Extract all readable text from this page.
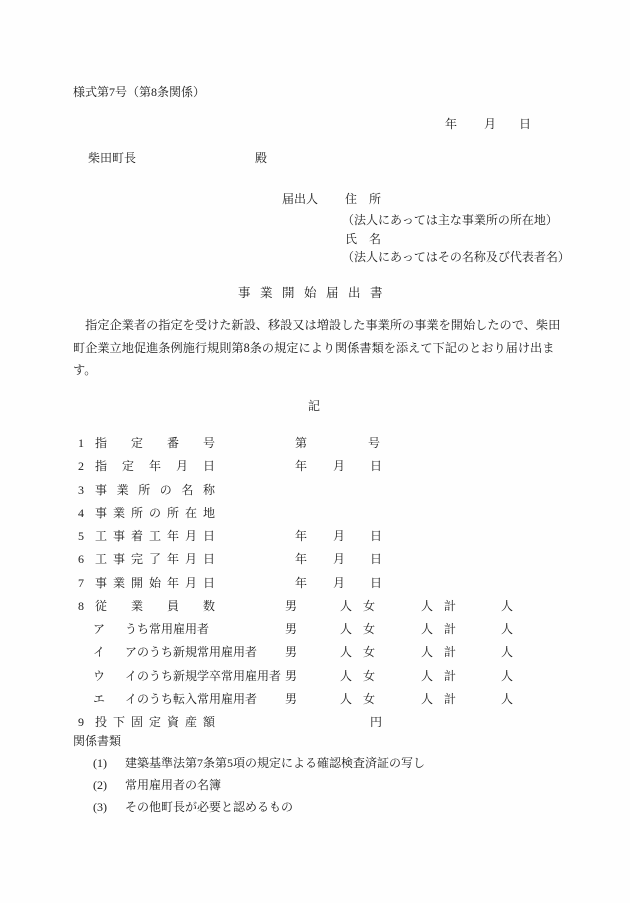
様式第7号（第8条関係）
年 月 日
柴田町長	殿
届出人 住　所
（法人にあっては主な事業所の所在地）
氏　名
（法人にあってはその名称及び代表者名）
事業開始届出書
　指定企業者の指定を受けた新設、移設又は増設した事業所の事業を開始したので、柴田
町企業立地促進条例施行規則第8条の規定により関係書類を添えて下記のとおり届け出ま
す。
記
1 指定番号	第	号
2 指定年月日	年 月 日
3 事業所の名称
4 事業所の所在地
5 工事着工年月日	年 月 日
6 工事完了年月日	年 月 日
7 事業開始年月日	年 月 日
8 従業員数	男	人 女	人 計	人
ア うち常用雇用者	男	人 女	人 計	人
イ アのうち新規常用雇用者 男	人 女	人 計	人
ウ イのうち新規学卒常用雇用者 男	人 女	人 計	人
エ イのうち転入常用雇用者 男	人 女	人 計	人
9 投下固定資産額	円
関係書類
(1) 建築基準法第7条第5項の規定による確認検査済証の写し
(2) 常用雇用者の名簿
(3) その他町長が必要と認めるもの
